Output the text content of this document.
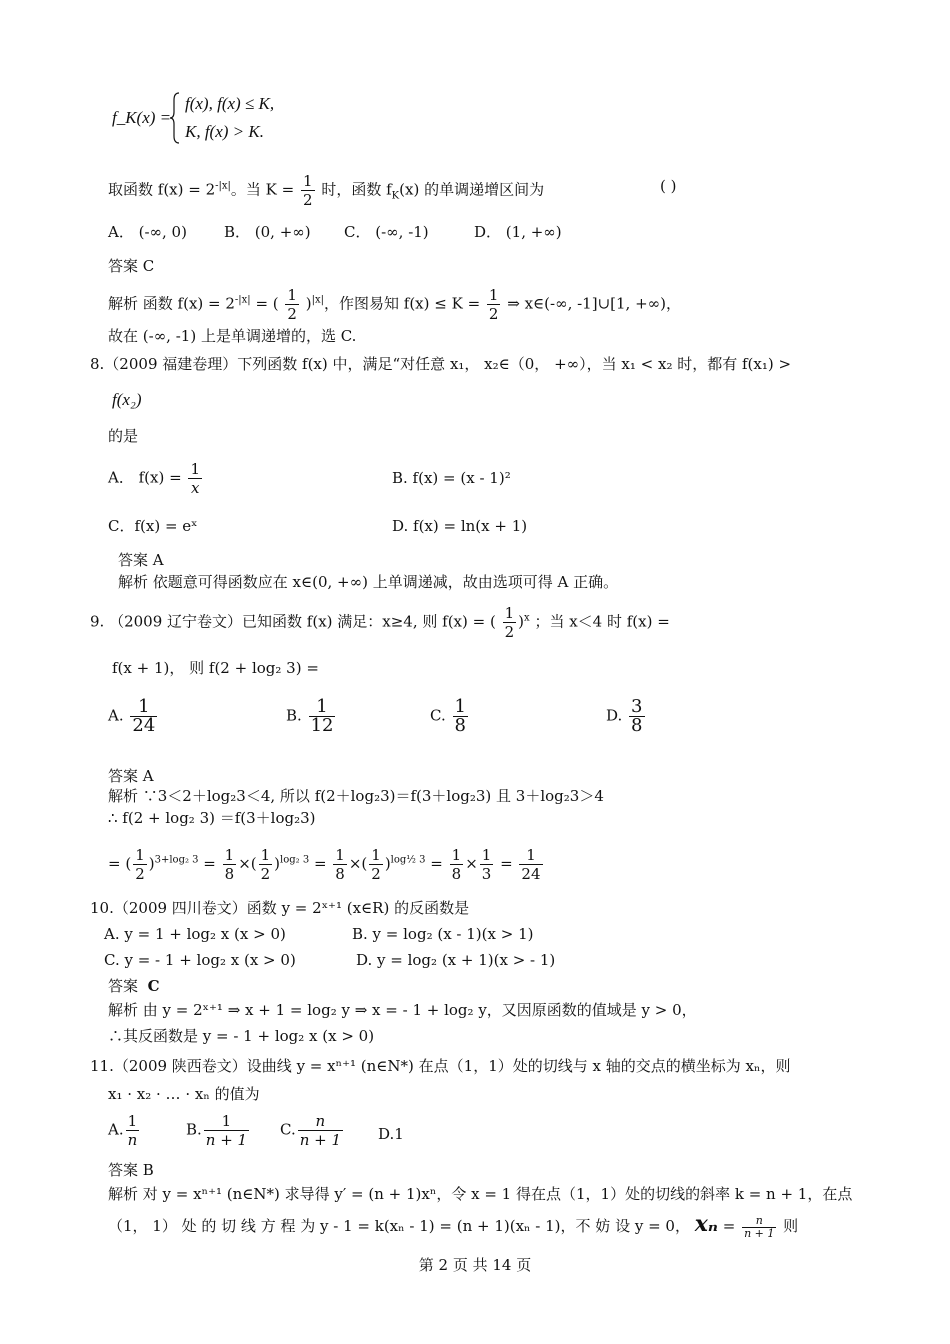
f_K(x) =
f(x), f(x) ≤ K,
K, f(x) > K.
取函数 $f(x) = 2^{-|x|}$。当 $K = \frac{1}{2}$ 时，函数 $f_K(x)$ 的单调递增区间为	( )
A． (-∞, 0) B． (0, +∞) C． (-∞, -1)	D． (1, +∞)
答案 C
解析 函数 $f(x) = 2^{-|x|}$ = ( $\frac{1}{2} )^{|x|}$，作图易知 $f(x) \le K = \frac{1}{2}$ ⇒ x∈(-∞, -1]∪[1, +∞)，
故在 (-∞, -1) 上是单调递增的，选 C.
8.（2009 福建卷理）下列函数 f(x) 中，满足“对任意 x₁， x₂∈（0， +∞），当 x₁ < x₂ 时，都有 f(x₁) >
f(x₂)
的是
A． $f(x) = \frac{1}{x}$	B. f(x) = (x - 1)²
C．f(x) = eˣ	D. f(x) = ln(x + 1)
答案 A
解析 依题意可得函数应在 x∈(0, +∞) 上单调递减，故由选项可得 A 正确。
9. （2009 辽宁卷文）已知函数 f(x) 满足：x≥4, 则 f(x) = ( $\frac{1}{2} )^x$ ；当 x＜4 时 f(x) =
f(x + 1)， 则 f(2 + log₂ 3) =
A. $\frac{1}{24}$	B. $\frac{1}{12}$	C. $\frac{1}{8}$	D. $\frac{3}{8}$
答案 A
解析 ∵3＜2＋log₂3＜4, 所以 f(2＋log₂3)＝f(3＋log₂3) 且 3＋log₂3＞4
∴ f(2 + log₂ 3) ＝f(3＋log₂3)
= ( $\frac{1}{2} )^{3+log_2 3} = \frac{1}{8}$ ×( $\frac{1}{2} )^{log_2 3} = \frac{1}{8}$ ×( $\frac{1}{2} )^{log\frac{1}{2} 3} = \frac{1}{8} \times \frac{1}{3} = \frac{1}{24}$
10.（2009 四川卷文）函数 y = 2ˣ⁺¹ (x∈R) 的反函数是
A. y = 1 + log₂ x (x > 0)	B. y = log₂ (x - 1)(x > 1)
C. y = - 1 + log₂ x (x > 0)	D. y = log₂ (x + 1)(x > - 1)
答案 C
解析 由 y = 2ˣ⁺¹ ⇒ x + 1 = log₂ y ⇒ x = - 1 + log₂ y，又因原函数的值域是 y > 0，
∴其反函数是 y = - 1 + log₂ x (x > 0)
11.（2009 陕西卷文）设曲线 y = xⁿ⁺¹ (n∈N*) 在点（1，1）处的切线与 x 轴的交点的横坐标为 xₙ，则
x₁ · x₂ · … · xₙ 的值为
A. $\frac{1}{n}$	B. $\frac{1}{n + 1} C$. $\frac{n}{n + 1} D.1$
答案 B
解析 对 y = xⁿ⁺¹ (n∈N*) 求导得 y′ = (n + 1)xⁿ，令 x = 1 得在点（1，1）处的切线的斜率 k = n + 1，在点
（1， 1） 处 的 切 线 方 程 为 y - 1 = k(xₙ - 1) = (n + 1)(xₙ - 1)，不 妨 设 y = 0， $x_n = \frac{n}{n + 1}$ 则
第 2 页 共 14 页
